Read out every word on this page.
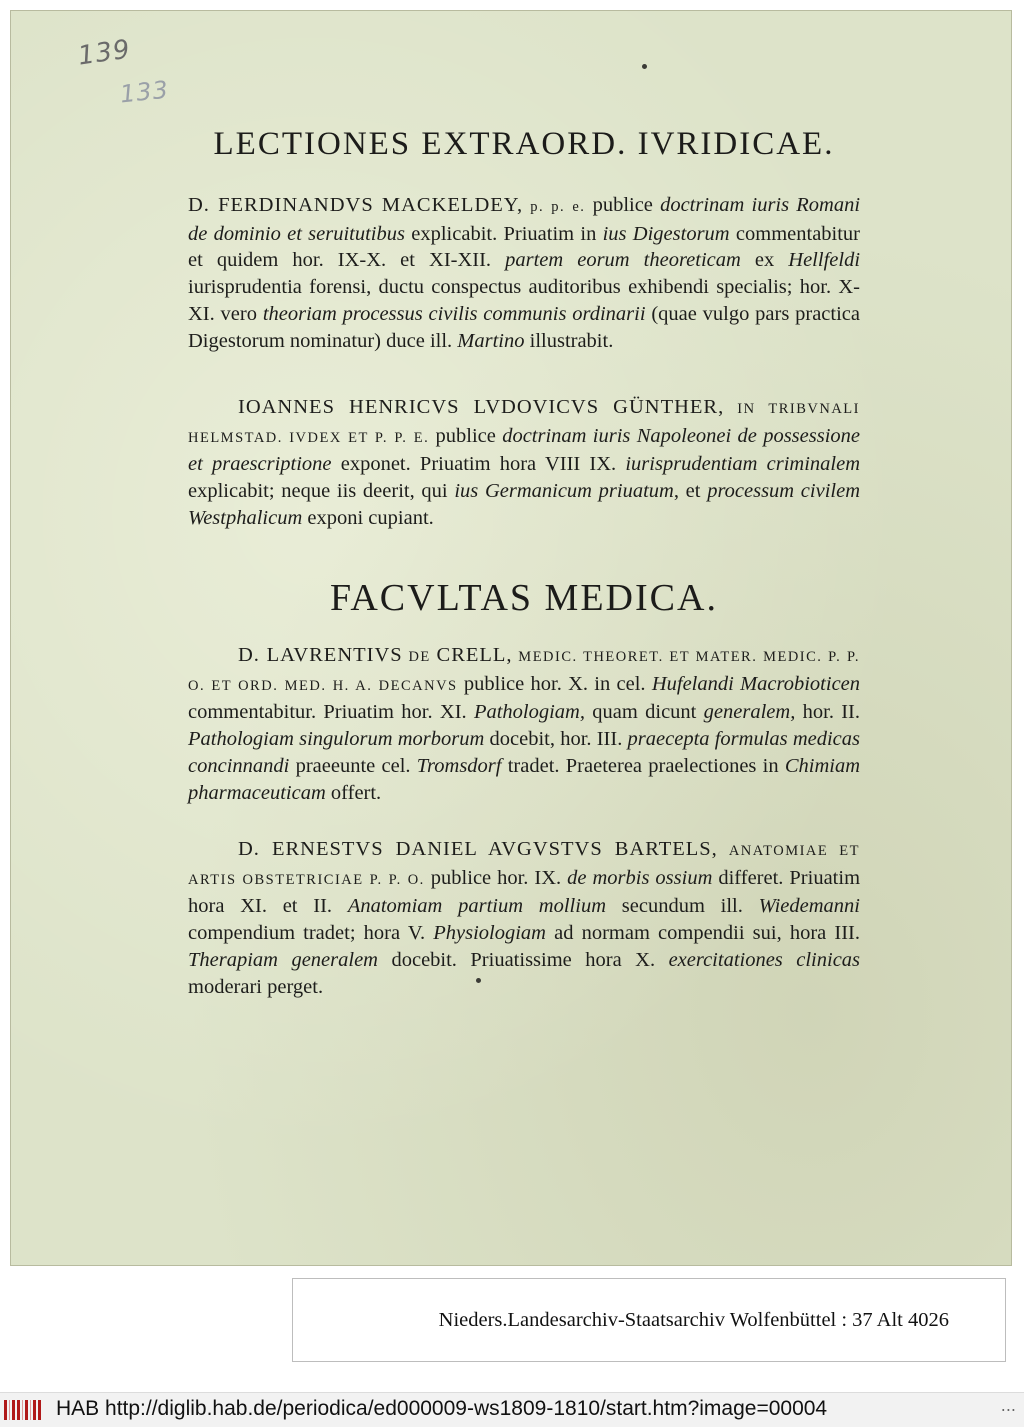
139
133
LECTIONES EXTRAORD. IVRIDICAE.
D. FERDINANDVS MACKELDEY, p. p. e. publice doctrinam iuris Romani de dominio et seruitutibus explicabit. Priuatim in ius Digestorum commentabitur et quidem hor. IX-X. et XI-XII. partem eorum theoreticam ex Hellfeldi iurisprudentia forensi, ductu conspectus auditoribus exhibendi specialis; hor. X-XI. vero theoriam processus civilis communis ordinarii (quae vulgo pars practica Digestorum nominatur) duce ill. Martino illustrabit.
IOANNES HENRICVS LVDOVICVS GÜNTHER, IN TRIBVNALI HELMSTAD. IVDEX ET P. P. E. publice doctrinam iuris Napoleonei de possessione et praescriptione exponet. Priuatim hora VIII IX. iurisprudentiam criminalem explicabit; neque iis deerit, qui ius Germanicum priuatum, et processum civilem Westphalicum exponi cupiant.
FACVLTAS MEDICA.
D. LAVRENTIVS DE CRELL, MEDIC. THEORET. ET MATER. MEDIC. P. P. O. ET ORD. MED. H. A. DECANVS publice hor. X. in cel. Hufelandi Macrobioticen commentabitur. Priuatim hor. XI. Pathologiam, quam dicunt generalem, hor. II. Pathologiam singulorum morborum docebit, hor. III. praecepta formulas medicas concinnandi praeeunte cel. Tromsdorf tradet. Praeterea praelectiones in Chimiam pharmaceuticam offert.
D. ERNESTVS DANIEL AVGVSTVS BARTELS, ANATOMIAE ET ARTIS OBSTETRICIAE P. P. O. publice hor. IX. de morbis ossium differet. Priuatim hora XI. et II. Anatomiam partium mollium secundum ill. Wiedemanni compendium tradet; hora V. Physiologiam ad normam compendii sui, hora III. Therapiam generalem docebit. Priuatissime hora X. exercitationes clinicas moderari perget.
Nieders.Landesarchiv-Staatsarchiv Wolfenbüttel : 37 Alt 4026
HAB http://diglib.hab.de/periodica/ed000009-ws1809-1810/start.htm?image=00004	...
